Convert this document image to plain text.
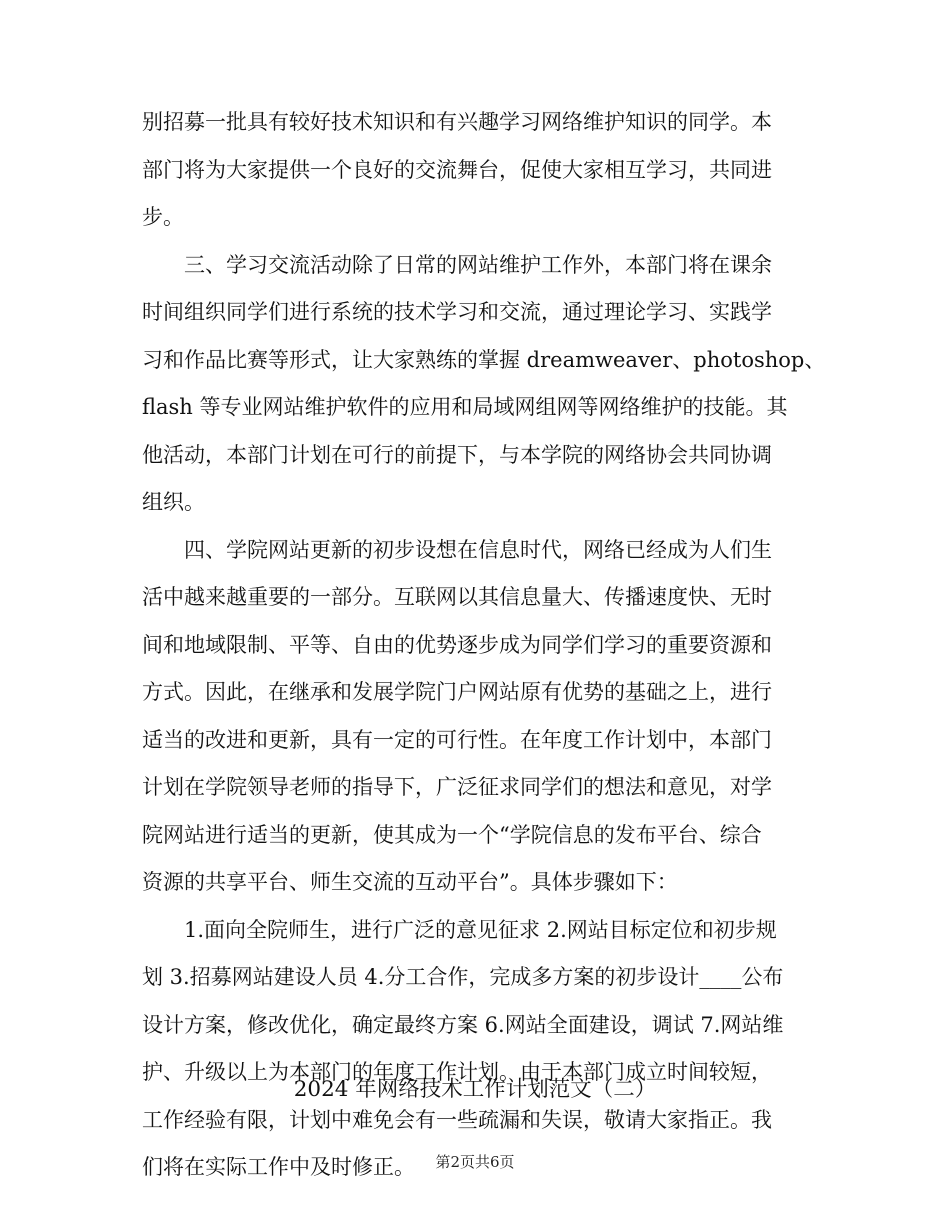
别招募一批具有较好技术知识和有兴趣学习网络维护知识的同学。本
部门将为大家提供一个良好的交流舞台，促使大家相互学习，共同进
步。
　　三、学习交流活动除了日常的网站维护工作外，本部门将在课余
时间组织同学们进行系统的技术学习和交流，通过理论学习、实践学
习和作品比赛等形式，让大家熟练的掌握 dreamweaver、photoshop、
flash 等专业网站维护软件的应用和局域网组网等网络维护的技能。其
他活动，本部门计划在可行的前提下，与本学院的网络协会共同协调
组织。
　　四、学院网站更新的初步设想在信息时代，网络已经成为人们生
活中越来越重要的一部分。互联网以其信息量大、传播速度快、无时
间和地域限制、平等、自由的优势逐步成为同学们学习的重要资源和
方式。因此，在继承和发展学院门户网站原有优势的基础之上，进行
适当的改进和更新，具有一定的可行性。在年度工作计划中，本部门
计划在学院领导老师的指导下，广泛征求同学们的想法和意见，对学
院网站进行适当的更新，使其成为一个“学院信息的发布平台、综合
资源的共享平台、师生交流的互动平台”。具体步骤如下：
　　1.面向全院师生，进行广泛的意见征求 2.网站目标定位和初步规
划 3.招募网站建设人员 4.分工合作，完成多方案的初步设计____公布
设计方案，修改优化，确定最终方案 6.网站全面建设，调试 7.网站维
护、升级以上为本部门的年度工作计划。由于本部门成立时间较短，
工作经验有限，计划中难免会有一些疏漏和失误，敬请大家指正。我
们将在实际工作中及时修正。
2024 年网络技术工作计划范文（二）
第2页共6页
